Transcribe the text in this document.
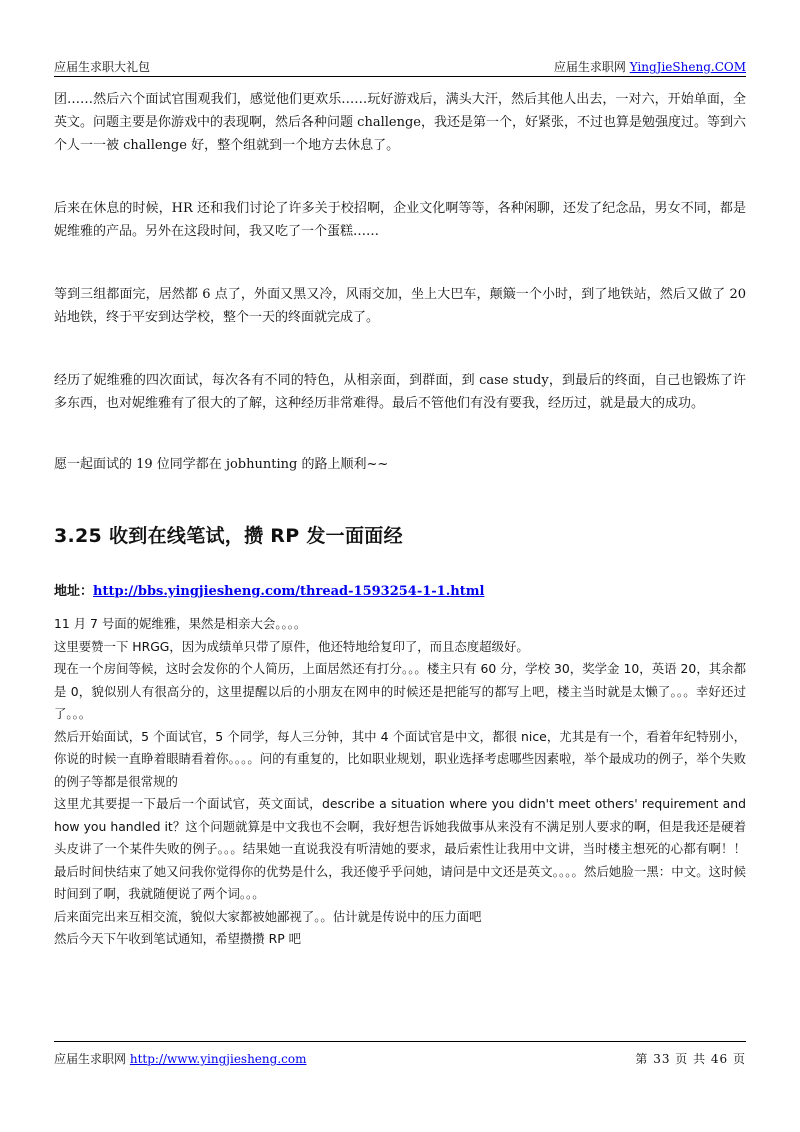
应届生求职大礼包	应届生求职网 YingJieSheng.COM

团……然后六个面试官围观我们，感觉他们更欢乐……玩好游戏后，满头大汗，然后其他人出去，一对六，开始单面，全英文。问题主要是你游戏中的表现啊，然后各种问题 challenge，我还是第一个，好紧张，不过也算是勉强度过。等到六个人一一被 challenge 好，整个组就到一个地方去休息了。

后来在休息的时候，HR 还和我们讨论了许多关于校招啊，企业文化啊等等，各种闲聊，还发了纪念品，男女不同，都是妮维雅的产品。另外在这段时间，我又吃了一个蛋糕……

等到三组都面完，居然都 6 点了，外面又黑又冷，风雨交加，坐上大巴车，颠簸一个小时，到了地铁站，然后又做了 20 站地铁，终于平安到达学校，整个一天的终面就完成了。

经历了妮维雅的四次面试，每次各有不同的特色，从相亲面，到群面，到 case study，到最后的终面，自己也锻炼了许多东西，也对妮维雅有了很大的了解，这种经历非常难得。最后不管他们有没有要我，经历过，就是最大的成功。

愿一起面试的 19 位同学都在 jobhunting 的路上顺利~~

3.25 收到在线笔试，攒 RP 发一面面经
地址：http://bbs.yingjiesheng.com/thread-1593254-1-1.html

11 月 7 号面的妮维雅，果然是相亲大会。。。。

这里要赞一下 HRGG，因为成绩单只带了原件，他还特地给复印了，而且态度超级好。

现在一个房间等候，这时会发你的个人简历，上面居然还有打分。。。楼主只有 60 分，学校 30，奖学金 10，英语 20，其余都是 0，貌似别人有很高分的，这里提醒以后的小朋友在网申的时候还是把能写的都写上吧，楼主当时就是太懒了。。。幸好还过了。。。

然后开始面试，5 个面试官，5 个同学，每人三分钟，其中 4 个面试官是中文，都很 nice，尤其是有一个，看着年纪特别小，你说的时候一直睁着眼睛看着你。。。。问的有重复的，比如职业规划，职业选择考虑哪些因素啦，举个最成功的例子，举个失败的例子等都是很常规的

这里尤其要提一下最后一个面试官，英文面试，describe a situation where you didn't meet others' requirement and how you handled it？这个问题就算是中文我也不会啊，我好想告诉她我做事从来没有不满足别人要求的啊，但是我还是硬着头皮讲了一个某件失败的例子。。。结果她一直说我没有听清她的要求，最后索性让我用中文讲，当时楼主想死的心都有啊！！最后时间快结束了她又问我你觉得你的优势是什么，我还傻乎乎问她，请问是中文还是英文。。。。然后她脸一黑：中文。这时候时间到了啊，我就随便说了两个词。。。

后来面完出来互相交流，貌似大家都被她鄙视了。。估计就是传说中的压力面吧

然后今天下午收到笔试通知，希望攒攒 RP 吧

应届生求职网 http://www.yingjiesheng.com	第 33 页 共 46 页
